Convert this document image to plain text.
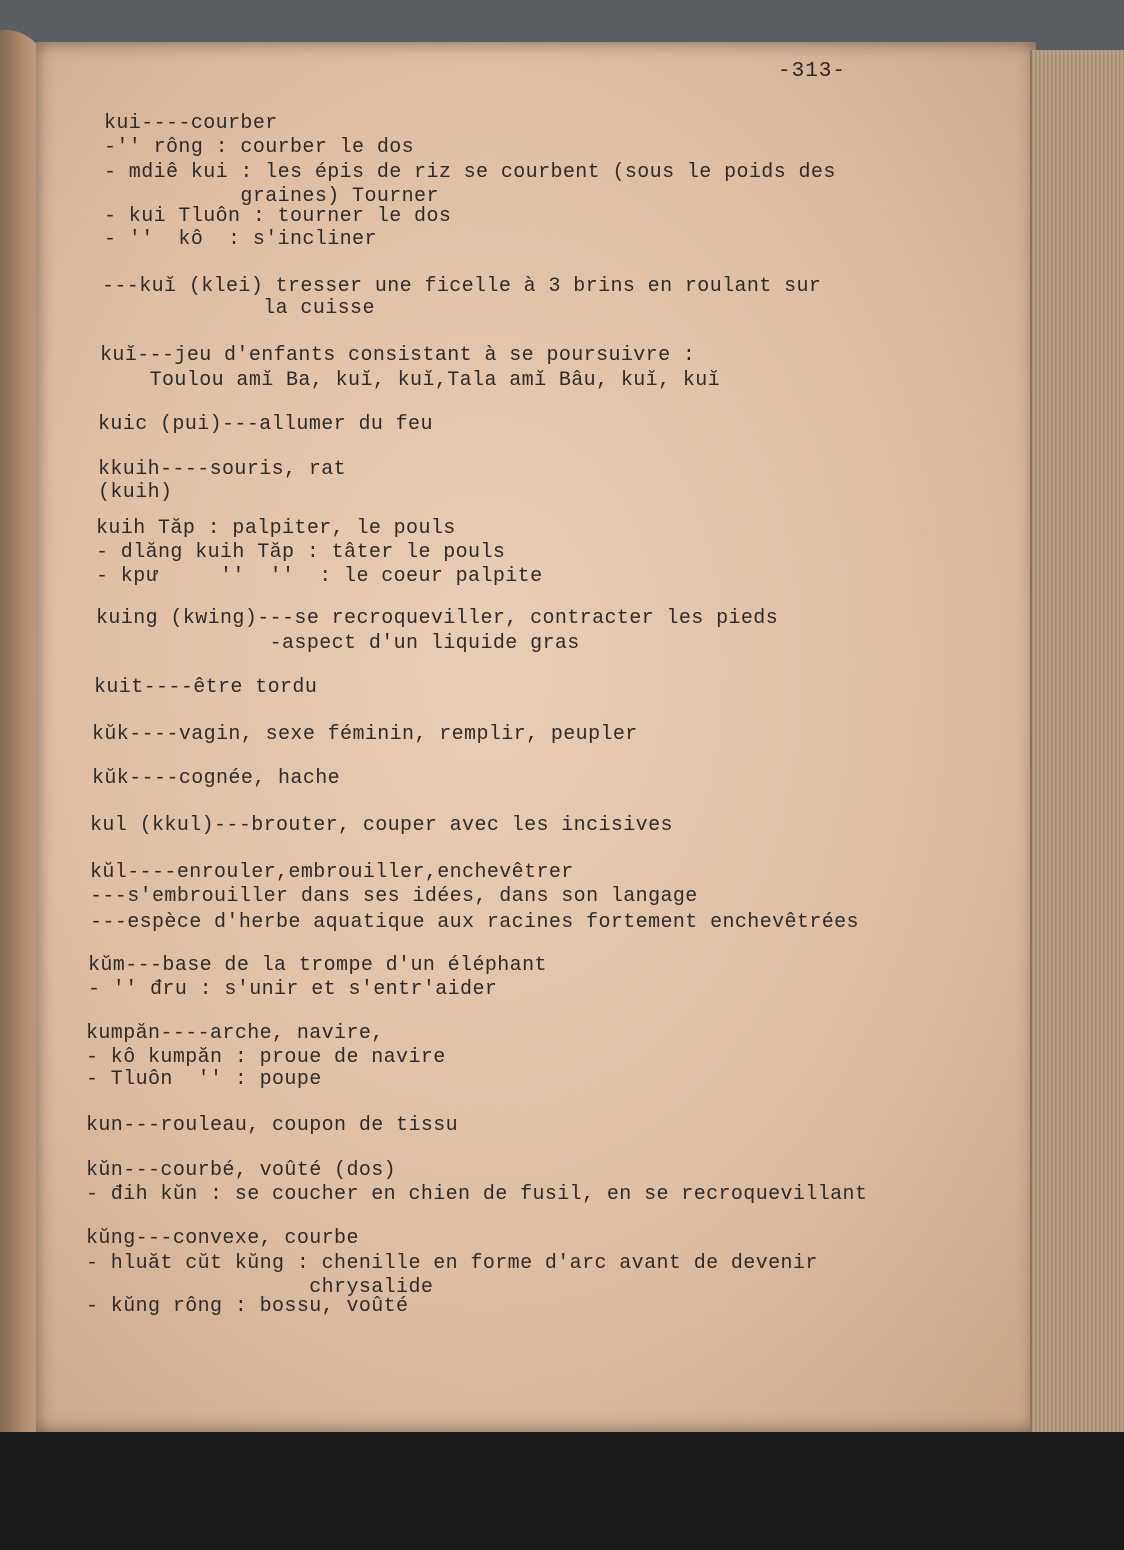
-313-

kui----courber

-'' rông : courber le dos

- mdiê kui : les épis de riz se courbent (sous le poids des

graines) Tourner

- kui Tluôn : tourner le dos

- ''  kô  : s'incliner

---kuĭ (klei) tresser une ficelle à 3 brins en roulant sur

la cuisse

kuĭ---jeu d'enfants consistant à se poursuivre :

Toulou amĭ Ba, kuĭ, kuĭ,Tala amĭ Bâu, kuĭ, kuĭ

kuic (pui)---allumer du feu

kkuih----souris, rat

(kuih)

kuih Tăp : palpiter, le pouls

- dlăng kuih Tăp : tâter le pouls

- kpư     ''  ''  : le coeur palpite

kuing (kwing)---se recroqueviller, contracter les pieds

-aspect d'un liquide gras

kuit----être tordu

kŭk----vagin, sexe féminin, remplir, peupler

kŭk----cognée, hache

kul (kkul)---brouter, couper avec les incisives

kŭl----enrouler,embrouiller,enchevêtrer

---s'embrouiller dans ses idées, dans son langage

---espèce d'herbe aquatique aux racines fortement enchevêtrées

kŭm---base de la trompe d'un éléphant

- '' đru : s'unir et s'entr'aider

kumpăn----arche, navire,

- kô kumpăn : proue de navire

- Tluôn  '' : poupe

kun---rouleau, coupon de tissu

kŭn---courbé, voûté (dos)

- đih kŭn : se coucher en chien de fusil, en se recroquevillant

kŭng---convexe, courbe

- hluăt cŭt kŭng : chenille en forme d'arc avant de devenir

chrysalide

- kŭng rông : bossu, voûté
